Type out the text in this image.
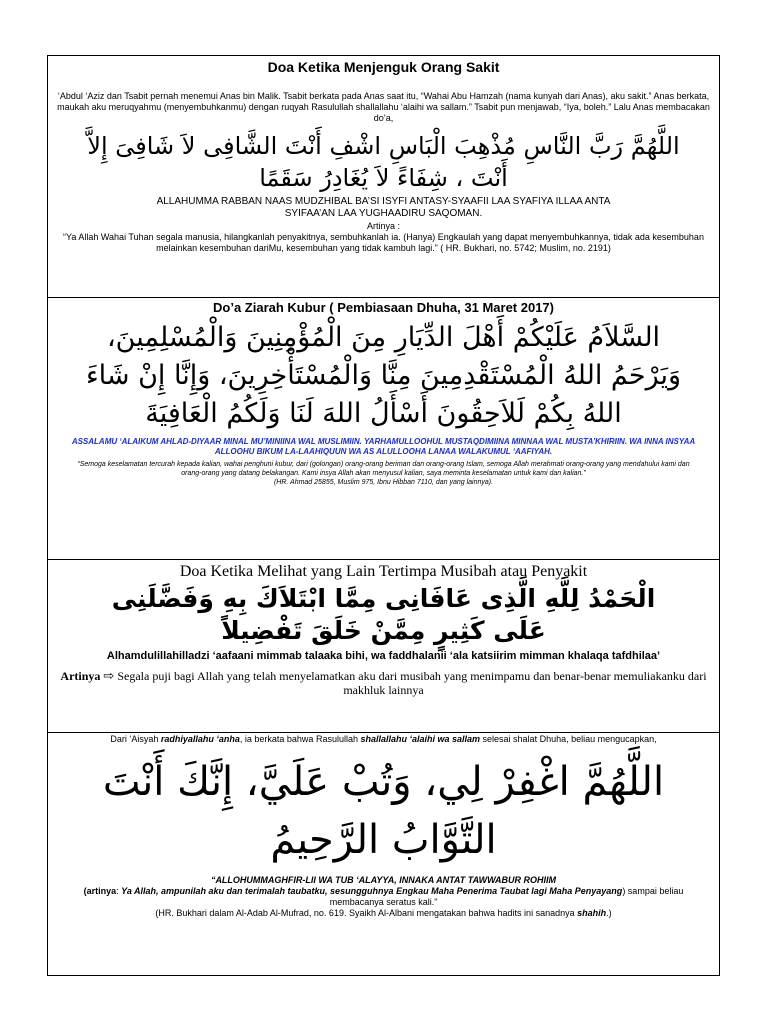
Doa Ketika Menjenguk Orang Sakit
‘Abdul ‘Aziz dan Tsabit pernah menemui Anas bin Malik. Tsabit berkata pada Anas saat itu, “Wahai Abu Hamzah (nama kunyah dari Anas), aku sakit.” Anas berkata, maukah aku meruqyahmu (menyembuhkanmu) dengan ruqyah Rasulullah shallallahu ‘alaihi wa sallam.” Tsabit pun menjawab, “Iya, boleh.” Lalu Anas membacakan do’a,
اللَّهُمَّ رَبَّ النَّاسِ مُذْهِبَ الْبَاسِ اشْفِ أَنْتَ الشَّافِى لاَ شَافِىَ إِلاَّ أَنْتَ ، شِفَاءً لاَ يُغَادِرُ سَقَمًا
ALLAHUMMA RABBAN NAAS MUDZHIBAL BA’SI ISYFI ANTASY-SYAAFII LAA SYAFIYA ILLAA ANTA SYIFAA’AN LAA YUGHAADIRU SAQOMAN.
Artinya :
“Ya Allah Wahai Tuhan segala manusia, hilangkanlah penyakitnya, sembuhkanlah ia. (Hanya) Engkaulah yang dapat menyembuhkannya, tidak ada kesembuhan melainkan kesembuhan dariMu, kesembuhan yang tidak kambuh lagi.” ( HR. Bukhari, no. 5742; Muslim, no. 2191)
Do’a Ziarah Kubur ( Pembiasaan Dhuha, 31 Maret 2017)
السَّلاَمُ عَلَيْكُمْ أَهْلَ الدِّيَارِ مِنَ الْمُؤْمِنِينَ وَالْمُسْلِمِينَ، وَيَرْحَمُ اللهُ الْمُسْتَقْدِمِينَ مِنَّا وَالْمُسْتَأْخِرِينَ، وَإِنَّا إِنْ شَاءَ اللهُ بِكُمْ لَلاَحِقُونَ أَسْأَلُ اللهَ لَنَا وَلَكُمُ الْعَافِيَةَ
ASSALAMU ‘ALAIKUM AHLAD-DIYAAR MINAL MU’MINIINA WAL MUSLIMIIN. YARHAMULLOOHUL MUSTAQDIMIINA MINNAA WAL MUSTA’KHIRIIN. WA INNA INSYAA ALLOOHU BIKUM LA-LAAHIQUUN WA AS ALULLOOHA LANAA WALAKUMUL ‘AAFIYAH.
“Semoga keselamatan tercurah kepada kalian, wahai penghuni kubur, dari (golongan) orang-orang beriman dan orang-orang Islam, semoga Allah merahmati orang-orang yang mendahului kami dan orang-orang yang datang belakangan. Kami insya Allah akan menyusul kalian, saya meminta keselamatan untuk kami dan kalian.”
(HR. Ahmad 25855, Muslim 975, Ibnu Hibban 7110, dan yang lainnya).
Doa Ketika Melihat yang Lain Tertimpa Musibah atau Penyakit
الْحَمْدُ لِلَّهِ الَّذِى عَافَانِى مِمَّا ابْتَلاَكَ بِهِ وَفَضَّلَنِى عَلَى كَثِيرٍ مِمَّنْ خَلَقَ تَفْضِيلاً
Alhamdulillahilladzi ‘aafaani mimmab talaaka bihi, wa faddhalanii ‘ala katsiirim mimman khalaqa tafdhilaa’
Artinya ⇨ Segala puji bagi Allah yang telah menyelamatkan aku dari musibah yang menimpamu dan benar-benar memuliakanku dari makhluk lainnya
Dari ‘Aisyah radhiyallahu ‘anha, ia berkata bahwa Rasulullah shallallahu ‘alaihi wa sallam selesai shalat Dhuha, beliau mengucapkan,
اللَّهُمَّ اغْفِرْ لِي، وَتُبْ عَلَيَّ، إِنَّكَ أَنْتَ التَّوَّابُ الرَّحِيمُ
“ALLOHUMMAGHFIR-LII WA TUB ‘ALAYYA, INNAKA ANTAT TAWWABUR ROHIIM
(artinya: Ya Allah, ampunilah aku dan terimalah taubatku, sesungguhnya Engkau Maha Penerima Taubat lagi Maha Penyayang) sampai beliau membacanya seratus kali.”
(HR. Bukhari dalam Al-Adab Al-Mufrad, no. 619. Syaikh Al-Albani mengatakan bahwa hadits ini sanadnya shahih.)
